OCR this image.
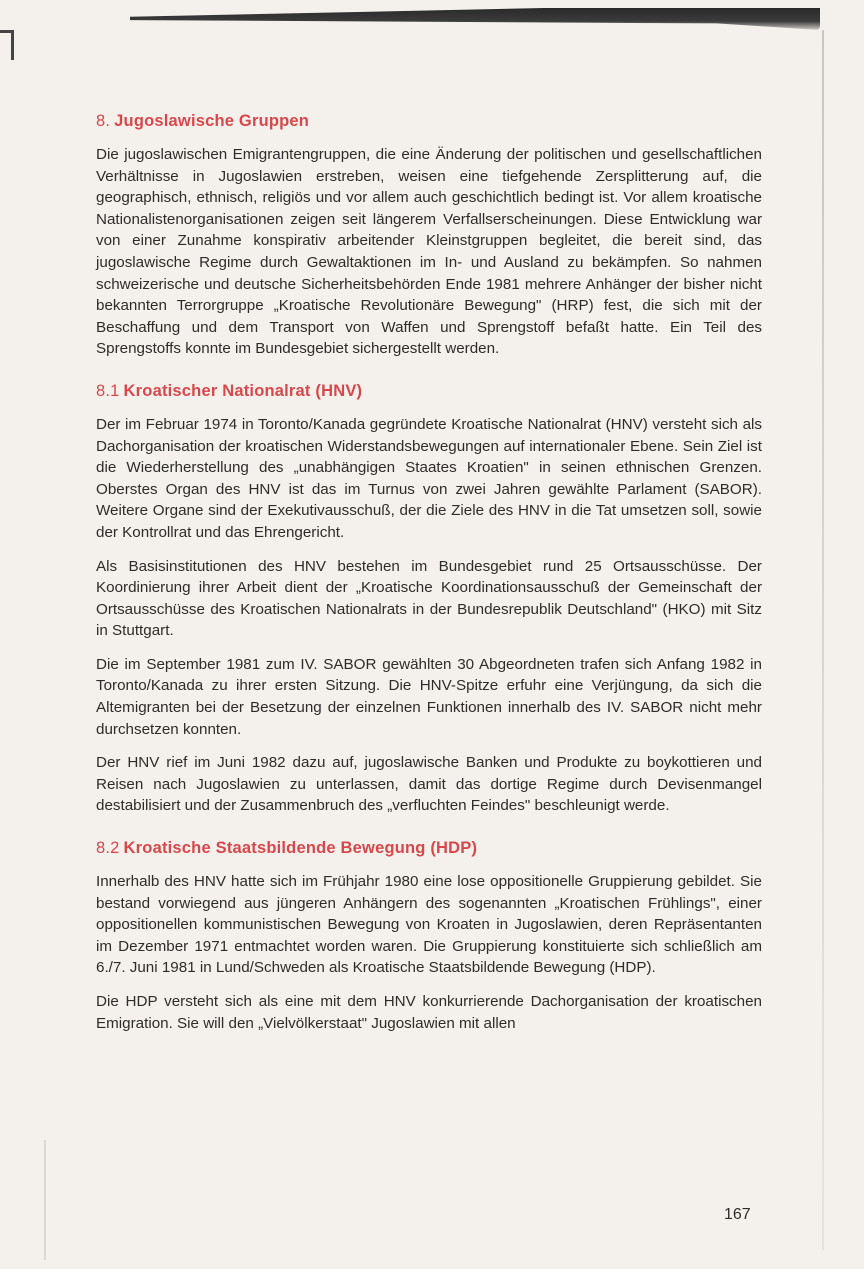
8. Jugoslawische Gruppen

Die jugoslawischen Emigrantengruppen, die eine Änderung der politischen und gesellschaftlichen Verhältnisse in Jugoslawien erstreben, weisen eine tiefgehende Zersplitterung auf, die geographisch, ethnisch, religiös und vor allem auch geschichtlich bedingt ist. Vor allem kroatische Nationalistenorganisationen zeigen seit längerem Verfallserscheinungen. Diese Entwicklung war von einer Zunahme konspirativ arbeitender Kleinstgruppen begleitet, die bereit sind, das jugoslawische Regime durch Gewaltaktionen im In- und Ausland zu bekämpfen. So nahmen schweizerische und deutsche Sicherheitsbehörden Ende 1981 mehrere Anhänger der bisher nicht bekannten Terrorgruppe „Kroatische Revolutionäre Bewegung" (HRP) fest, die sich mit der Beschaffung und dem Transport von Waffen und Sprengstoff befaßt hatte. Ein Teil des Sprengstoffs konnte im Bundesgebiet sichergestellt werden.

8.1 Kroatischer Nationalrat (HNV)

Der im Februar 1974 in Toronto/Kanada gegründete Kroatische Nationalrat (HNV) versteht sich als Dachorganisation der kroatischen Widerstandsbewegungen auf internationaler Ebene. Sein Ziel ist die Wiederherstellung des „unabhängigen Staates Kroatien" in seinen ethnischen Grenzen. Oberstes Organ des HNV ist das im Turnus von zwei Jahren gewählte Parlament (SABOR). Weitere Organe sind der Exekutivausschuß, der die Ziele des HNV in die Tat umsetzen soll, sowie der Kontrollrat und das Ehrengericht.

Als Basisinstitutionen des HNV bestehen im Bundesgebiet rund 25 Ortsausschüsse. Der Koordinierung ihrer Arbeit dient der „Kroatische Koordinationsausschuß der Gemeinschaft der Ortsausschüsse des Kroatischen Nationalrats in der Bundesrepublik Deutschland" (HKO) mit Sitz in Stuttgart.

Die im September 1981 zum IV. SABOR gewählten 30 Abgeordneten trafen sich Anfang 1982 in Toronto/Kanada zu ihrer ersten Sitzung. Die HNV-Spitze erfuhr eine Verjüngung, da sich die Altemigranten bei der Besetzung der einzelnen Funktionen innerhalb des IV. SABOR nicht mehr durchsetzen konnten.

Der HNV rief im Juni 1982 dazu auf, jugoslawische Banken und Produkte zu boykottieren und Reisen nach Jugoslawien zu unterlassen, damit das dortige Regime durch Devisenmangel destabilisiert und der Zusammenbruch des „verfluchten Feindes" beschleunigt werde.

8.2 Kroatische Staatsbildende Bewegung (HDP)

Innerhalb des HNV hatte sich im Frühjahr 1980 eine lose oppositionelle Gruppierung gebildet. Sie bestand vorwiegend aus jüngeren Anhängern des sogenannten „Kroatischen Frühlings", einer oppositionellen kommunistischen Bewegung von Kroaten in Jugoslawien, deren Repräsentanten im Dezember 1971 entmachtet worden waren. Die Gruppierung konstituierte sich schließlich am 6./7. Juni 1981 in Lund/Schweden als Kroatische Staatsbildende Bewegung (HDP).

Die HDP versteht sich als eine mit dem HNV konkurrierende Dachorganisation der kroatischen Emigration. Sie will den „Vielvölkerstaat" Jugoslawien mit allen

167
